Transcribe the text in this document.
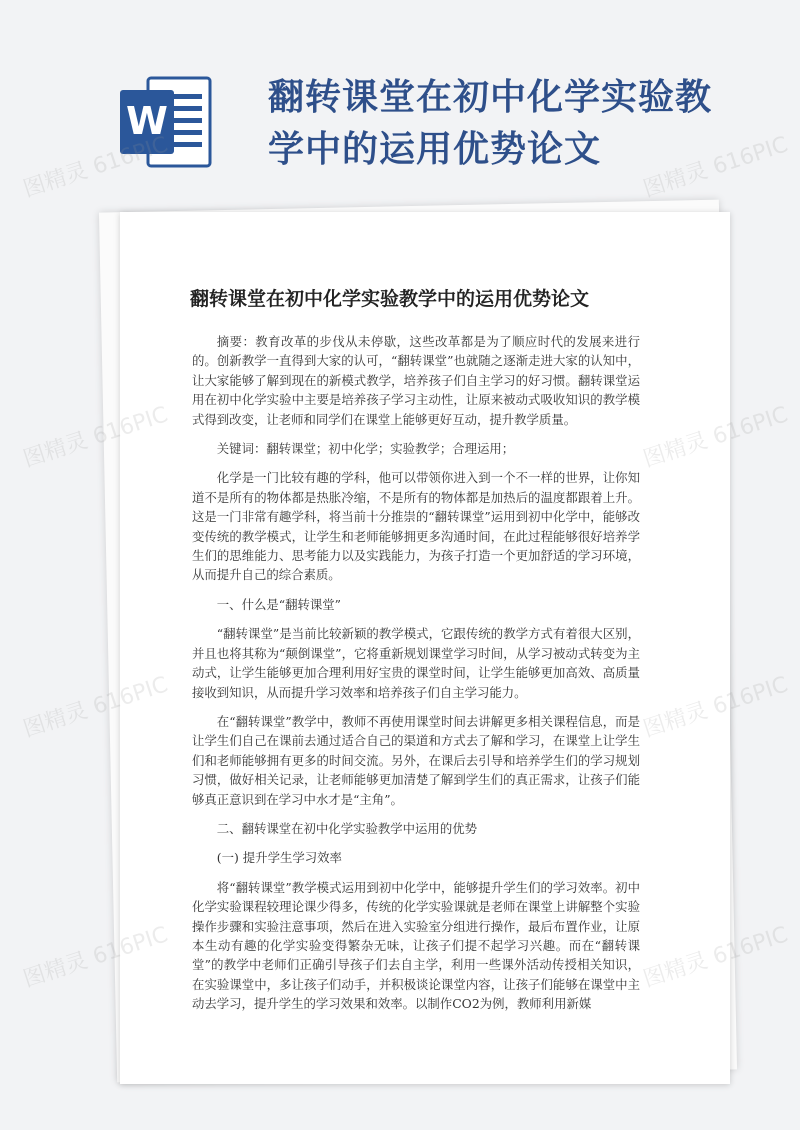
W
翻转课堂在初中化学实验教学中的运用优势论文
翻转课堂在初中化学实验教学中的运用优势论文

摘要：教育改革的步伐从未停歇，这些改革都是为了顺应时代的发展来进行的。创新教学一直得到大家的认可，“翻转课堂”也就随之逐渐走进大家的认知中，让大家能够了解到现在的新模式教学，培养孩子们自主学习的好习惯。翻转课堂运用在初中化学实验中主要是培养孩子学习主动性，让原来被动式吸收知识的教学模式得到改变，让老师和同学们在课堂上能够更好互动，提升教学质量。

关键词：翻转课堂；初中化学；实验教学；合理运用；

化学是一门比较有趣的学科，他可以带领你进入到一个不一样的世界，让你知道不是所有的物体都是热胀冷缩，不是所有的物体都是加热后的温度都跟着上升。这是一门非常有趣学科，将当前十分推崇的“翻转课堂”运用到初中化学中，能够改变传统的教学模式，让学生和老师能够拥更多沟通时间，在此过程能够很好培养学生们的思维能力、思考能力以及实践能力，为孩子打造一个更加舒适的学习环境，从而提升自己的综合素质。

一、什么是“翻转课堂”

“翻转课堂”是当前比较新颖的教学模式，它跟传统的教学方式有着很大区别，并且也将其称为“颠倒课堂”，它将重新规划课堂学习时间，从学习被动式转变为主动式，让学生能够更加合理利用好宝贵的课堂时间，让学生能够更加高效、高质量接收到知识，从而提升学习效率和培养孩子们自主学习能力。

在“翻转课堂”教学中，教师不再使用课堂时间去讲解更多相关课程信息，而是让学生们自己在课前去通过适合自己的渠道和方式去了解和学习，在课堂上让学生们和老师能够拥有更多的时间交流。另外，在课后去引导和培养学生们的学习规划习惯，做好相关记录，让老师能够更加清楚了解到学生们的真正需求，让孩子们能够真正意识到在学习中水才是“主角”。

二、翻转课堂在初中化学实验教学中运用的优势

(一) 提升学生学习效率

将“翻转课堂”教学模式运用到初中化学中，能够提升学生们的学习效率。初中化学实验课程较理论课少得多，传统的化学实验课就是老师在课堂上讲解整个实验操作步骤和实验注意事项，然后在进入实验室分组进行操作，最后布置作业，让原本生动有趣的化学实验变得繁杂无味，让孩子们提不起学习兴趣。而在“翻转课堂”的教学中老师们正确引导孩子们去自主学，利用一些课外活动传授相关知识，在实验课堂中，多让孩子们动手，并积极谈论课堂内容，让孩子们能够在课堂中主动去学习，提升学生的学习效果和效率。以制作CO2为例，教师利用新媒

图精灵 616PIC	图精灵 616PIC
图精灵 616PIC	616PIC
图精灵 616PIC	616PIC
图精灵 616PIC	616PIC
